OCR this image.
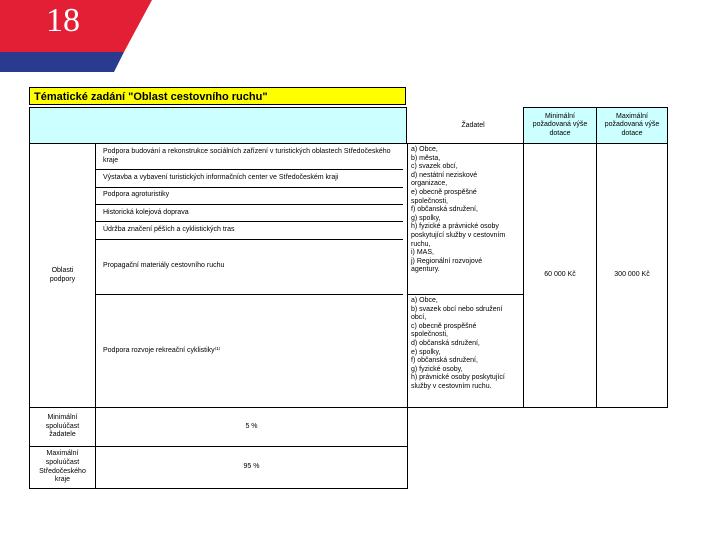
18
Tématické zadání "Oblast cestovního ruchu"
Žadatel
Minimální požadovaná výše dotace
Maximální požadovaná výše dotace
Oblasti podpory
Podpora budování a rekonstrukce sociálních zařízení v turistických oblastech Středočeského kraje
Výstavba a vybavení turistických informačních center ve Středočeském kraji
Podpora agroturistiky
Historická kolejová doprava
Údržba značení pěších a cyklistických tras
Propagační materiály cestovního ruchu
Podpora rozvoje rekreační cyklistiky⁽¹⁾
a) Obce,
b) města,
c) svazek obcí,
d) nestátní neziskové
organizace,
e) obecně prospěšné
společnosti,
f) občanská sdružení,
g) spolky,
h) fyzické a právnické osoby
poskytující služby v cestovním
ruchu,
i) MAS,
j) Regionální rozvojové
agentury.
a) Obce,
b) svazek obcí nebo sdružení
obcí,
c) obecně prospěšné
společnosti,
d) občanská sdružení,
e) spolky,
f) občanská sdružení,
g) fyzické osoby,
h) právnické osoby poskytující
služby v cestovním ruchu.
60 000 Kč	300 000 Kč
Minimální spoluúčast žadatele
5 %
Maximální spoluúčast Středočeského kraje
95 %
